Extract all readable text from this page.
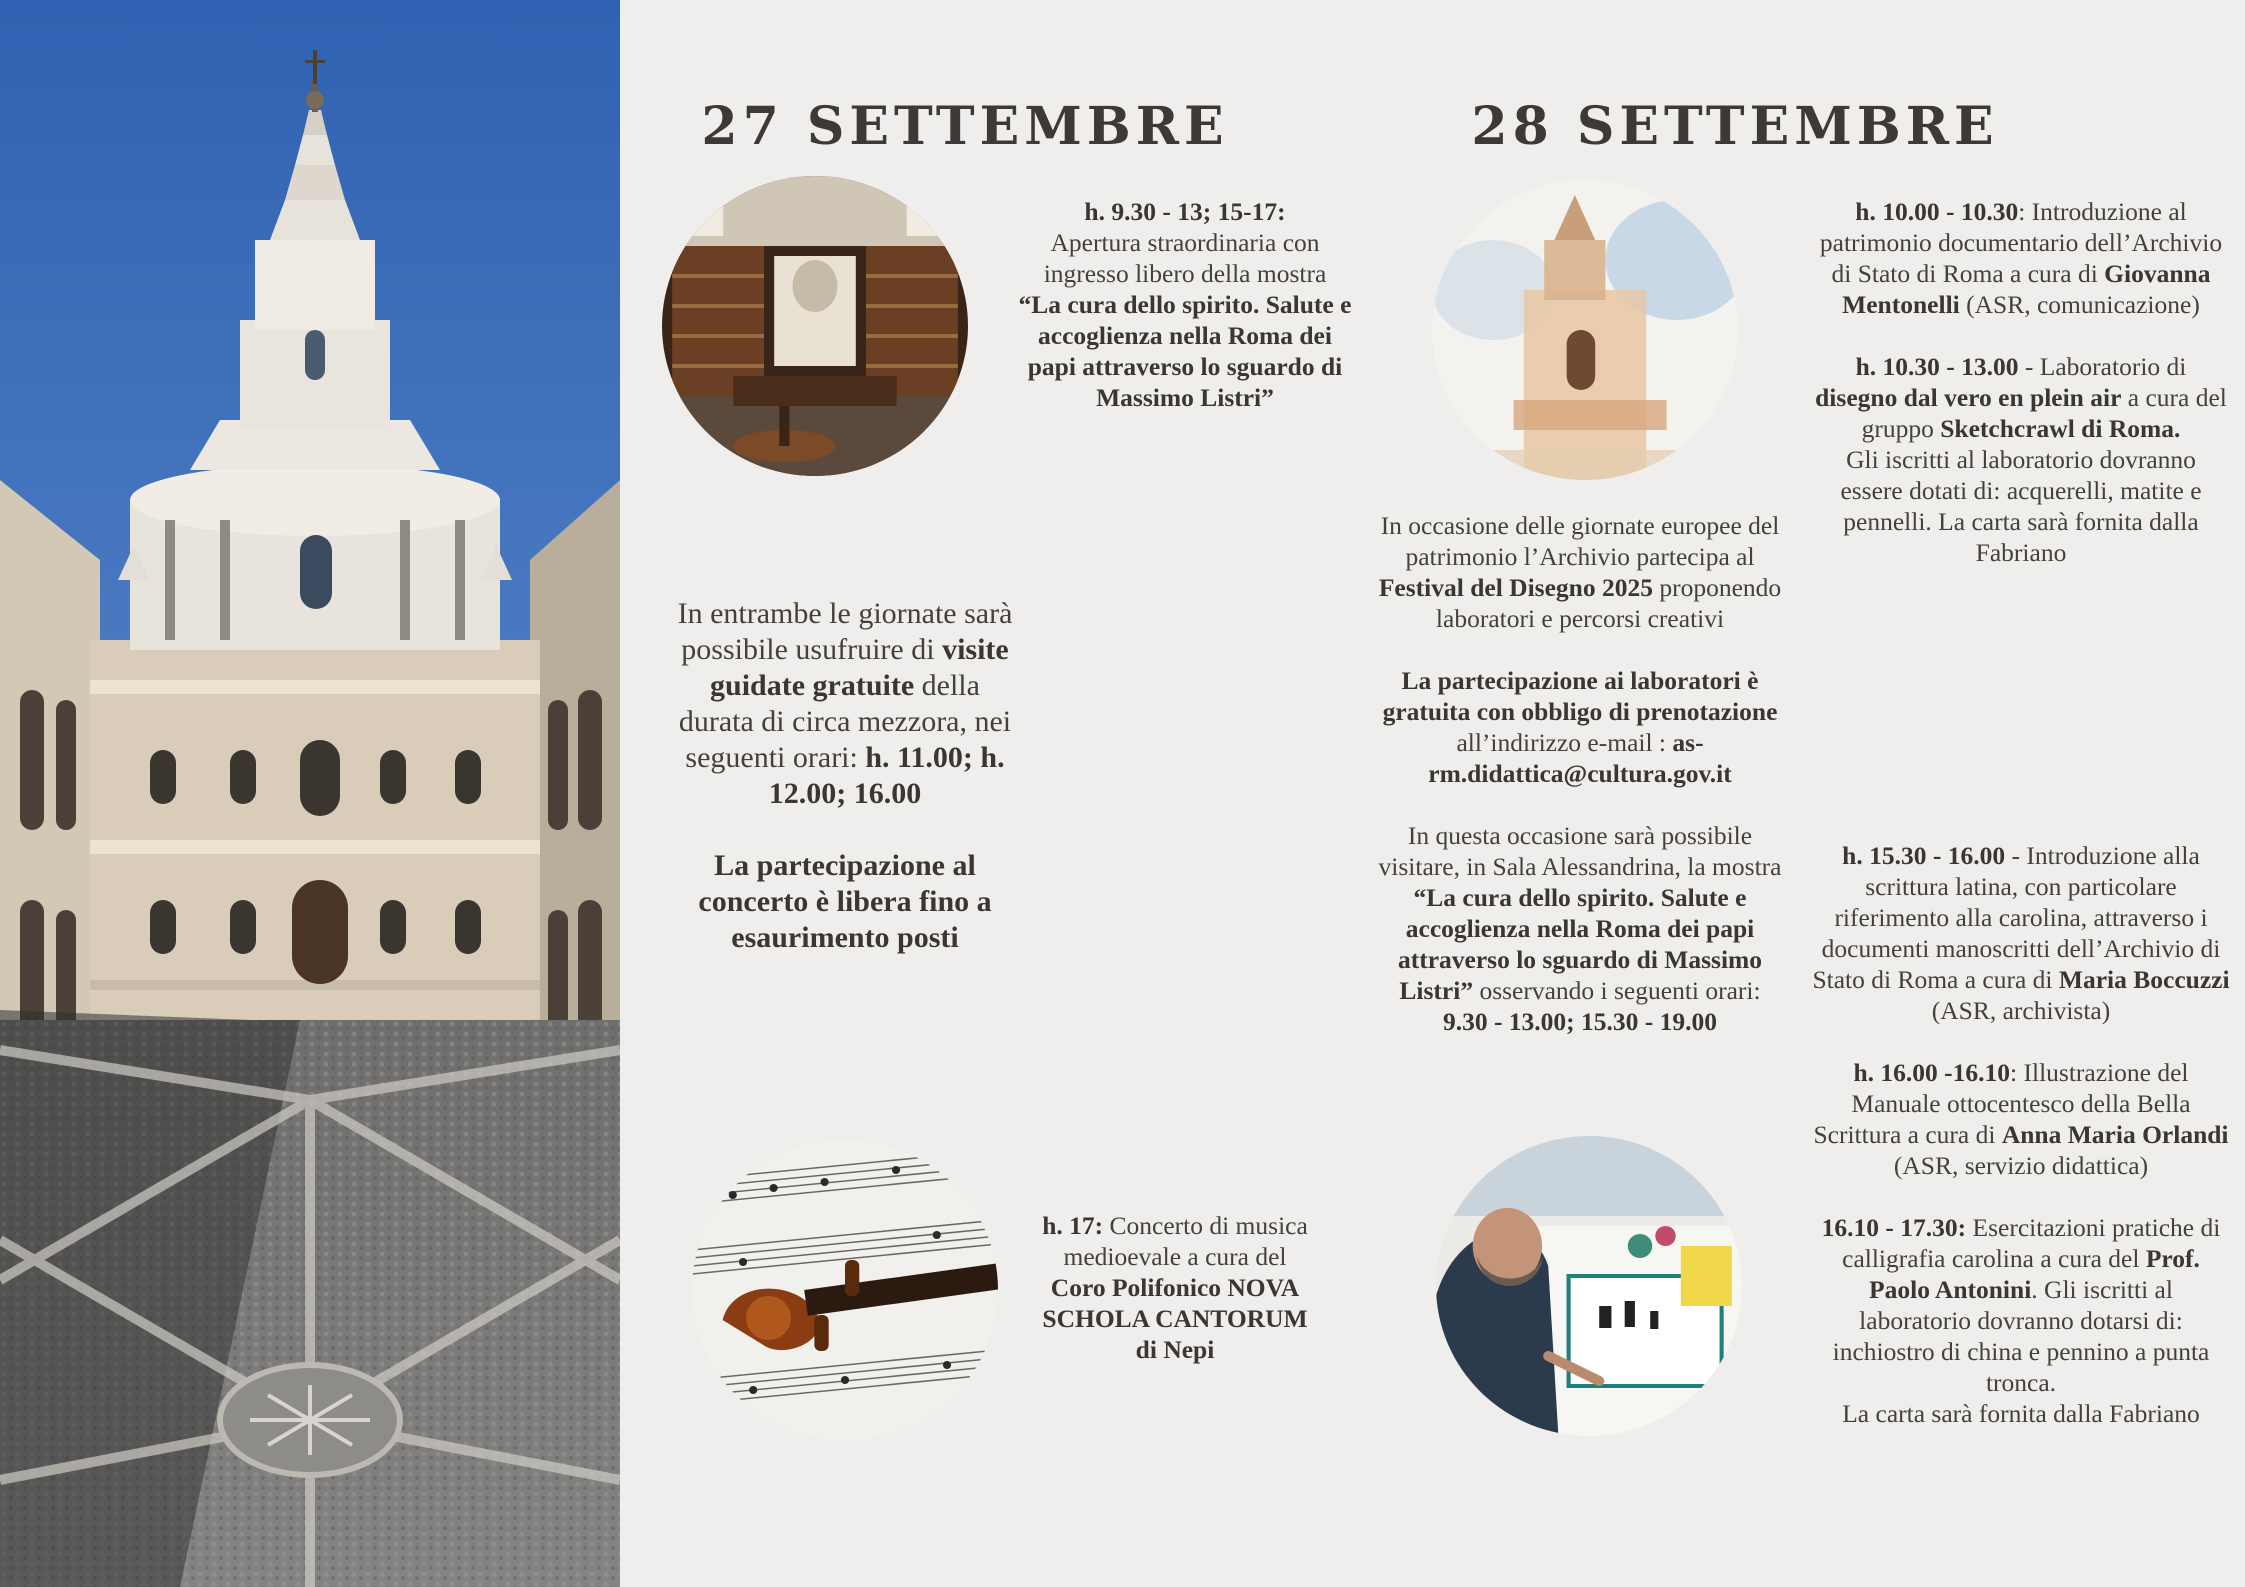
27 SETTEMBRE
h. 9.30 - 13; 15-17:
Apertura straordinaria con ingresso libero della mostra
“La cura dello spirito. Salute e accoglienza nella Roma dei papi attraverso lo sguardo di Massimo Listri”
In entrambe le giornate sarà possibile usufruire di visite guidate gratuite della durata di circa mezzora, nei seguenti orari: h. 11.00; h. 12.00; 16.00
La partecipazione al concerto è libera fino a esaurimento posti
h. 17: Concerto di musica medioevale a cura del Coro Polifonico NOVA SCHOLA CANTORUM di Nepi
28 SETTEMBRE
In occasione delle giornate europee del patrimonio l’Archivio partecipa al Festival del Disegno 2025 proponendo laboratori e percorsi creativi
La partecipazione ai laboratori è gratuita con obbligo di prenotazione all’indirizzo e-mail : as-rm.didattica@cultura.gov.it
In questa occasione sarà possibile visitare, in Sala Alessandrina, la mostra “La cura dello spirito. Salute e accoglienza nella Roma dei papi attraverso lo sguardo di Massimo Listri” osservando i seguenti orari: 9.30 - 13.00; 15.30 - 19.00
h. 10.00 - 10.30: Introduzione al patrimonio documentario dell’Archivio di Stato di Roma a cura di Giovanna Mentonelli (ASR, comunicazione)
h. 10.30 - 13.00 - Laboratorio di disegno dal vero en plein air a cura del gruppo Sketchcrawl di Roma.
Gli iscritti al laboratorio dovranno essere dotati di: acquerelli, matite e pennelli. La carta sarà fornita dalla Fabriano
h. 15.30 - 16.00 - Introduzione alla scrittura latina, con particolare riferimento alla carolina, attraverso i documenti manoscritti dell’Archivio di Stato di Roma a cura di Maria Boccuzzi (ASR, archivista)
h. 16.00 -16.10: Illustrazione del Manuale ottocentesco della Bella Scrittura a cura di Anna Maria Orlandi (ASR, servizio didattica)
16.10 - 17.30: Esercitazioni pratiche di calligrafia carolina a cura del Prof. Paolo Antonini. Gli iscritti al laboratorio dovranno dotarsi di: inchiostro di china e pennino a punta tronca.
La carta sarà fornita dalla Fabriano
